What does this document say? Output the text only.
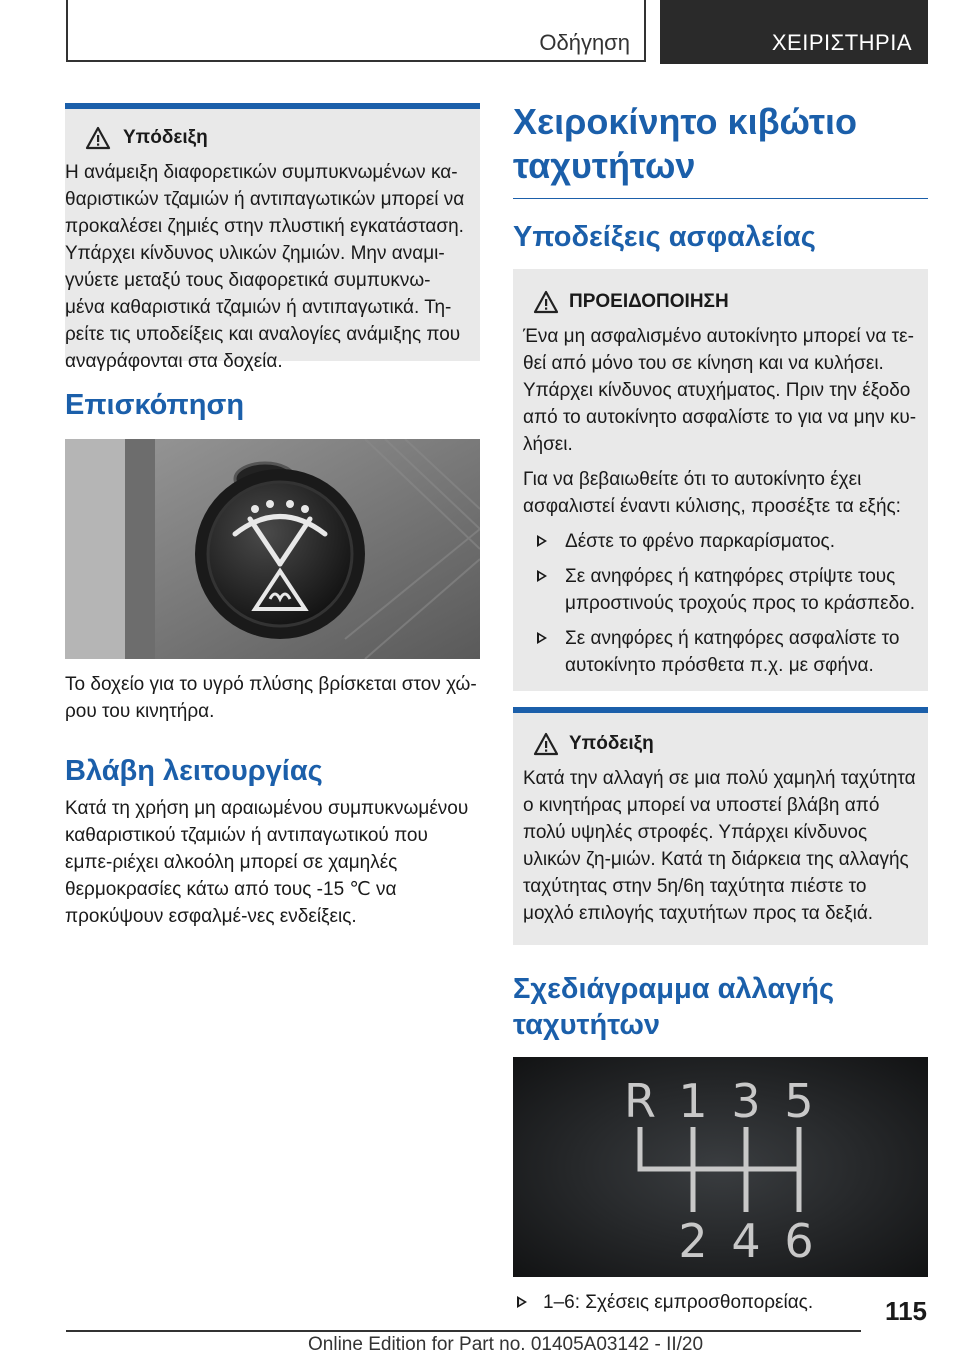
Οδήγηση	ΧΕΙΡΙΣΤΗΡΙΑ
Υπόδειξη
Η ανάμειξη διαφορετικών συμπυκνωμένων κα-θαριστικών τζαμιών ή αντιπαγωτικών μπορεί να προκαλέσει ζημιές στην πλυστική εγκατάσταση. Υπάρχει κίνδυνος υλικών ζημιών. Μην αναμι-γνύετε μεταξύ τους διαφορετικά συμπυκνω-μένα καθαριστικά τζαμιών ή αντιπαγωτικά. Τη-ρείτε τις υποδείξεις και αναλογίες ανάμιξης που αναγράφονται στα δοχεία.
Επισκόπηση
Το δοχείο για το υγρό πλύσης βρίσκεται στον χώ-ρου του κινητήρα.
Βλάβη λειτουργίας
Κατά τη χρήση μη αραιωμένου συμπυκνωμένου καθαριστικού τζαμιών ή αντιπαγωτικού που εμπε-ριέχει αλκοόλη μπορεί σε χαμηλές θερμοκρασίες κάτω από τους -15 ℃ να προκύψουν εσφαλμέ-νες ενδείξεις.
Χειροκίνητο κιβώτιο ταχυτήτων
Υποδείξεις ασφαλείας
ΠΡΟΕΙΔΟΠΟΙΗΣΗ
Ένα μη ασφαλισμένο αυτοκίνητο μπορεί να τε-θεί από μόνο του σε κίνηση και να κυλήσει. Υπάρχει κίνδυνος ατυχήματος. Πριν την έξοδο από το αυτοκίνητο ασφαλίστε το για να μην κυ-λήσει.
Για να βεβαιωθείτε ότι το αυτοκίνητο έχει ασφαλιστεί έναντι κύλισης, προσέξτε τα εξής:
Δέστε το φρένο παρκαρίσματος.
Σε ανηφόρες ή κατηφόρες στρίψτε τους μπροστινούς τροχούς προς το κράσπεδο.
Σε ανηφόρες ή κατηφόρες ασφαλίστε το αυτοκίνητο πρόσθετα π.χ. με σφήνα.
Υπόδειξη
Κατά την αλλαγή σε μια πολύ χαμηλή ταχύτητα ο κινητήρας μπορεί να υποστεί βλάβη από πολύ υψηλές στροφές. Υπάρχει κίνδυνος υλικών ζη-μιών. Κατά τη διάρκεια της αλλαγής ταχύτητας στην 5η/6η ταχύτητα πιέστε το μοχλό επιλογής ταχυτήτων προς τα δεξιά.
Σχεδιάγραμμα αλλαγής ταχυτήτων
R 1 3 5
2 4 6
1–6: Σχέσεις εμπροσθοπορείας.	115
Online Edition for Part no. 01405A03142 - II/20
